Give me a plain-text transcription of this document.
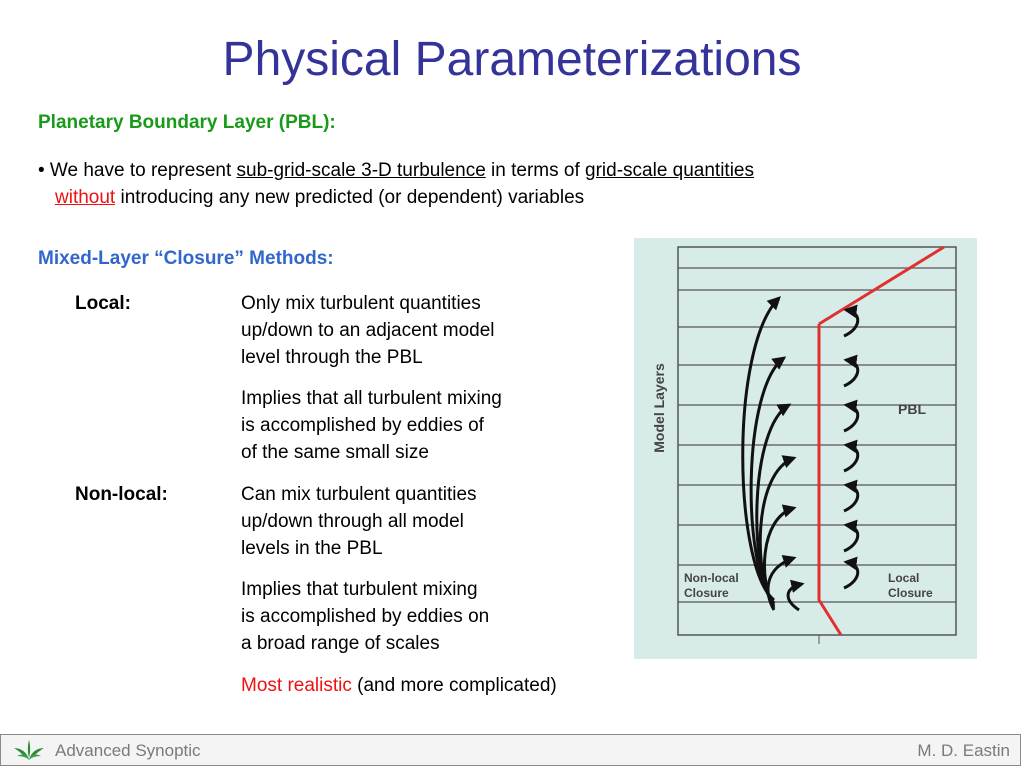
Physical Parameterizations
Planetary Boundary Layer (PBL):
• We have to represent sub-grid-scale 3-D turbulence in terms of grid-scale quantities
without introducing any new predicted (or dependent) variables
Mixed-Layer “Closure” Methods:
Local:	Only mix turbulent quantities
up/down to an adjacent model
level through the PBL
Implies that all turbulent mixing
is accomplished by eddies of
of the same small size
Non-local:	Can mix turbulent quantities
up/down through all model
levels in the PBL
Implies that turbulent mixing
is accomplished by eddies on
a broad range of scales
Most realistic (and more complicated)
Model Layers	PBL
Non-local
Closure
Local
Closure
Advanced Synoptic	M. D. Eastin
